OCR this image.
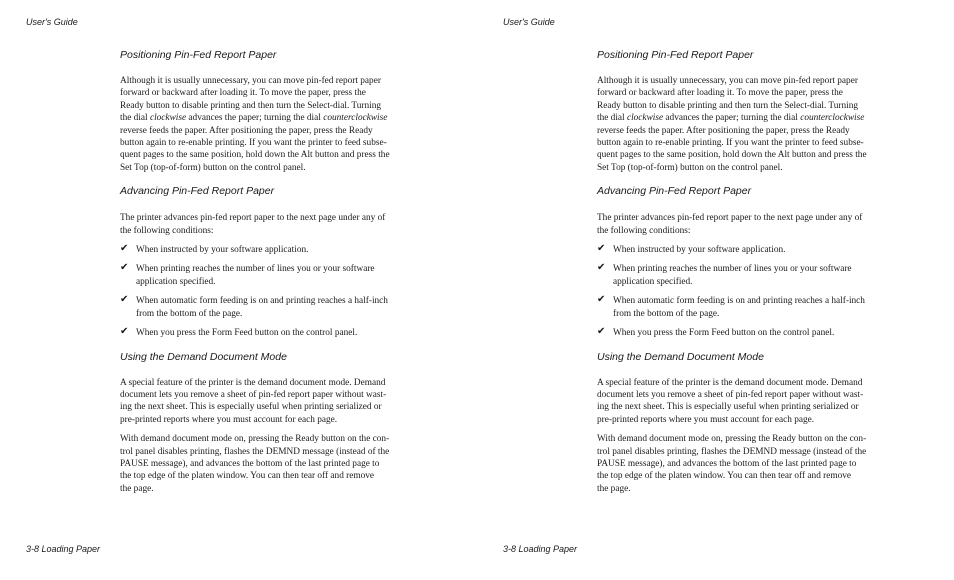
User's Guide
Positioning Pin-Fed Report Paper

Although it is usually unnecessary, you can move pin-fed report paper
forward or backward after loading it. To move the paper, press the
Ready button to disable printing and then turn the Select-dial. Turning
the dial clockwise advances the paper; turning the dial counterclockwise
reverse feeds the paper. After positioning the paper, press the Ready
button again to re-enable printing. If you want the printer to feed subse-
quent pages to the same position, hold down the Alt button and press the
Set Top (top-of-form) button on the control panel.

Advancing Pin-Fed Report Paper

The printer advances pin-fed report paper to the next page under any of
the following conditions:

✔ When instructed by your software application.
✔ When printing reaches the number of lines you or your software
application specified.
✔ When automatic form feeding is on and printing reaches a half-inch
from the bottom of the page.
✔ When you press the Form Feed button on the control panel.
Using the Demand Document Mode

A special feature of the printer is the demand document mode. Demand
document lets you remove a sheet of pin-fed report paper without wast-
ing the next sheet. This is especially useful when printing serialized or
pre-printed reports where you must account for each page.

With demand document mode on, pressing the Ready button on the con-
trol panel disables printing, flashes the DEMND message (instead of the
PAUSE message), and advances the bottom of the last printed page to
the top edge of the platen window. You can then tear off and remove
the page.

3-8 Loading Paper
User's Guide
Positioning Pin-Fed Report Paper

Although it is usually unnecessary, you can move pin-fed report paper
forward or backward after loading it. To move the paper, press the
Ready button to disable printing and then turn the Select-dial. Turning
the dial clockwise advances the paper; turning the dial counterclockwise
reverse feeds the paper. After positioning the paper, press the Ready
button again to re-enable printing. If you want the printer to feed subse-
quent pages to the same position, hold down the Alt button and press the
Set Top (top-of-form) button on the control panel.

Advancing Pin-Fed Report Paper

The printer advances pin-fed report paper to the next page under any of
the following conditions:

✔ When instructed by your software application.
✔ When printing reaches the number of lines you or your software
application specified.
✔ When automatic form feeding is on and printing reaches a half-inch
from the bottom of the page.
✔ When you press the Form Feed button on the control panel.
Using the Demand Document Mode

A special feature of the printer is the demand document mode. Demand
document lets you remove a sheet of pin-fed report paper without wast-
ing the next sheet. This is especially useful when printing serialized or
pre-printed reports where you must account for each page.

With demand document mode on, pressing the Ready button on the con-
trol panel disables printing, flashes the DEMND message (instead of the
PAUSE message), and advances the bottom of the last printed page to
the top edge of the platen window. You can then tear off and remove
the page.

3-8 Loading Paper
